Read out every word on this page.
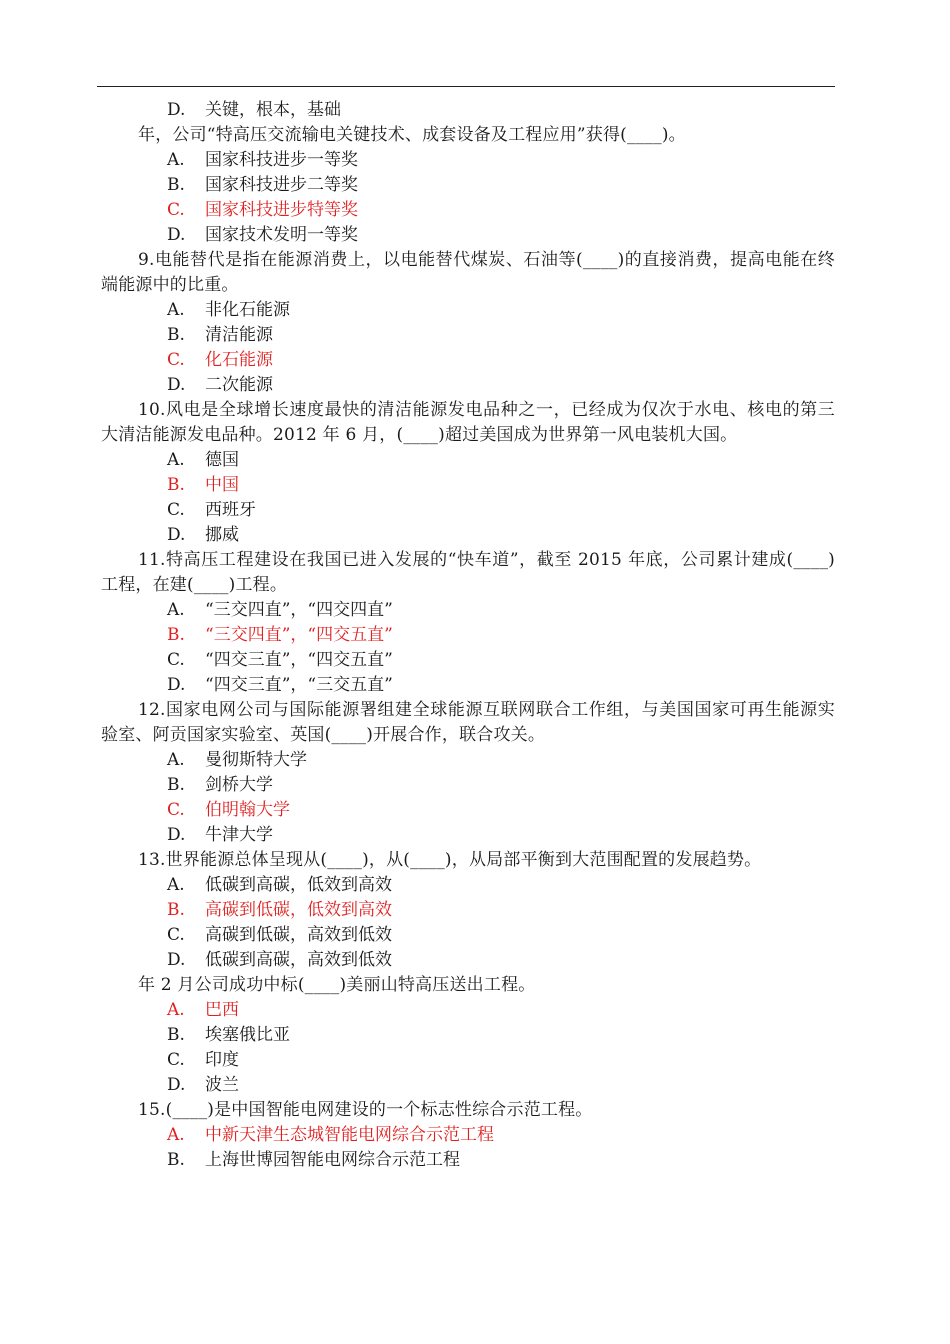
D. 关键，根本，基础
年，公司“特高压交流输电关键技术、成套设备及工程应用”获得(____)。
A. 国家科技进步一等奖
B. 国家科技进步二等奖
C. 国家科技进步特等奖
D. 国家技术发明一等奖
9.电能替代是指在能源消费上，以电能替代煤炭、石油等(____)的直接消费，提高电能在终端能源中的比重。
A. 非化石能源
B. 清洁能源
C. 化石能源
D. 二次能源
10.风电是全球增长速度最快的清洁能源发电品种之一，已经成为仅次于水电、核电的第三大清洁能源发电品种。2012 年 6 月，(____)超过美国成为世界第一风电装机大国。
A. 德国
B. 中国
C. 西班牙
D. 挪威
11.特高压工程建设在我国已进入发展的“快车道”，截至 2015 年底，公司累计建成(____)工程，在建(____)工程。
A. “三交四直”，“四交四直”
B. “三交四直”，“四交五直”
C. “四交三直”，“四交五直”
D. “四交三直”，“三交五直”
12.国家电网公司与国际能源署组建全球能源互联网联合工作组，与美国国家可再生能源实验室、阿贡国家实验室、英国(____)开展合作，联合攻关。
A. 曼彻斯特大学
B. 剑桥大学
C. 伯明翰大学
D. 牛津大学
13.世界能源总体呈现从(____)，从(____)，从局部平衡到大范围配置的发展趋势。
A. 低碳到高碳，低效到高效
B. 高碳到低碳，低效到高效
C. 高碳到低碳，高效到低效
D. 低碳到高碳，高效到低效
年 2 月公司成功中标(____)美丽山特高压送出工程。
A. 巴西
B. 埃塞俄比亚
C. 印度
D. 波兰
15.(____)是中国智能电网建设的一个标志性综合示范工程。
A. 中新天津生态城智能电网综合示范工程
B. 上海世博园智能电网综合示范工程
